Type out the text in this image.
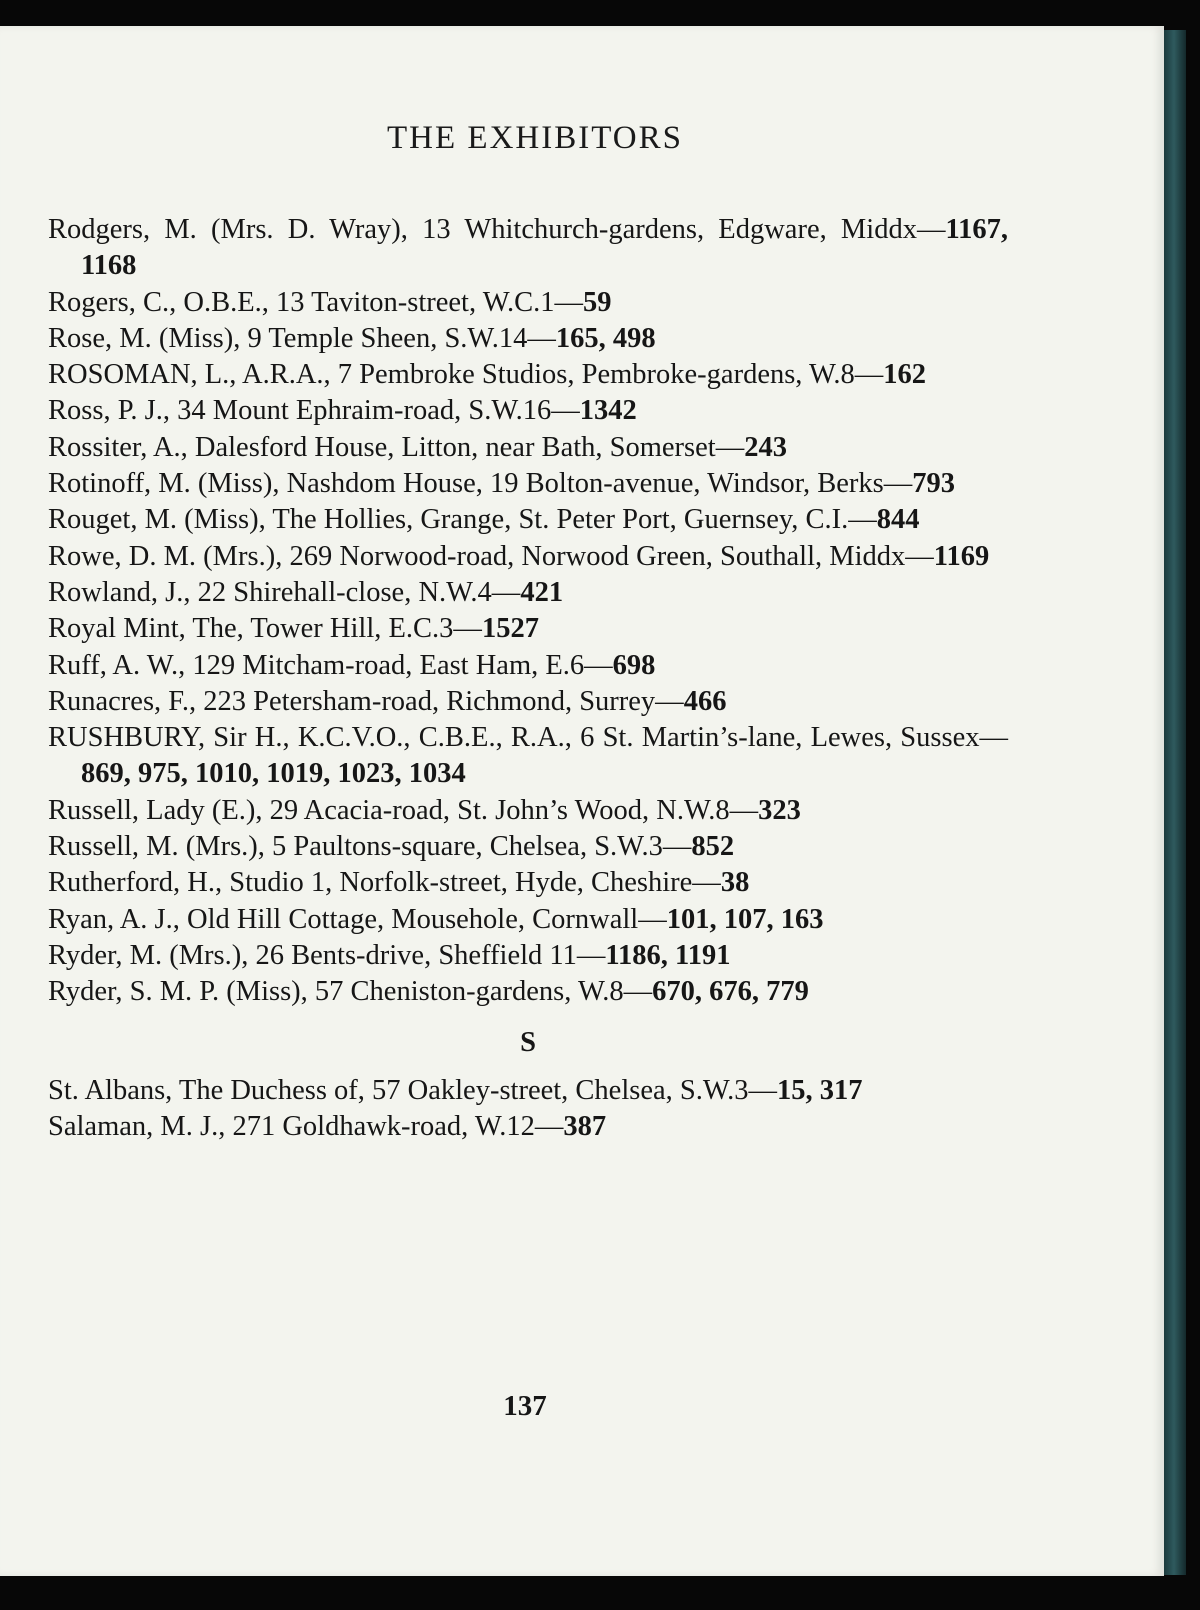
THE EXHIBITORS

Rodgers, M. (Mrs. D. Wray), 13 Whitchurch-gardens, Edgware, Middx—1167, 1168

Rogers, C., O.B.E., 13 Taviton-street, W.C.1—59

Rose, M. (Miss), 9 Temple Sheen, S.W.14—165, 498

ROSOMAN, L., A.R.A., 7 Pembroke Studios, Pembroke-gardens, W.8—162

Ross, P. J., 34 Mount Ephraim-road, S.W.16—1342

Rossiter, A., Dalesford House, Litton, near Bath, Somerset—243

Rotinoff, M. (Miss), Nashdom House, 19 Bolton-avenue, Windsor, Berks—793

Rouget, M. (Miss), The Hollies, Grange, St. Peter Port, Guernsey, C.I.—844

Rowe, D. M. (Mrs.), 269 Norwood-road, Norwood Green, Southall, Middx—1169

Rowland, J., 22 Shirehall-close, N.W.4—421

Royal Mint, The, Tower Hill, E.C.3—1527

Ruff, A. W., 129 Mitcham-road, East Ham, E.6—698

Runacres, F., 223 Petersham-road, Richmond, Surrey—466

RUSHBURY, Sir H., K.C.V.O., C.B.E., R.A., 6 St. Martin’s-lane, Lewes, Sussex—869, 975, 1010, 1019, 1023, 1034

Russell, Lady (E.), 29 Acacia-road, St. John’s Wood, N.W.8—323

Russell, M. (Mrs.), 5 Paultons-square, Chelsea, S.W.3—852

Rutherford, H., Studio 1, Norfolk-street, Hyde, Cheshire—38

Ryan, A. J., Old Hill Cottage, Mousehole, Cornwall—101, 107, 163

Ryder, M. (Mrs.), 26 Bents-drive, Sheffield 11—1186, 1191

Ryder, S. M. P. (Miss), 57 Cheniston-gardens, W.8—670, 676, 779

S

St. Albans, The Duchess of, 57 Oakley-street, Chelsea, S.W.3—15, 317

Salaman, M. J., 271 Goldhawk-road, W.12—387

137
